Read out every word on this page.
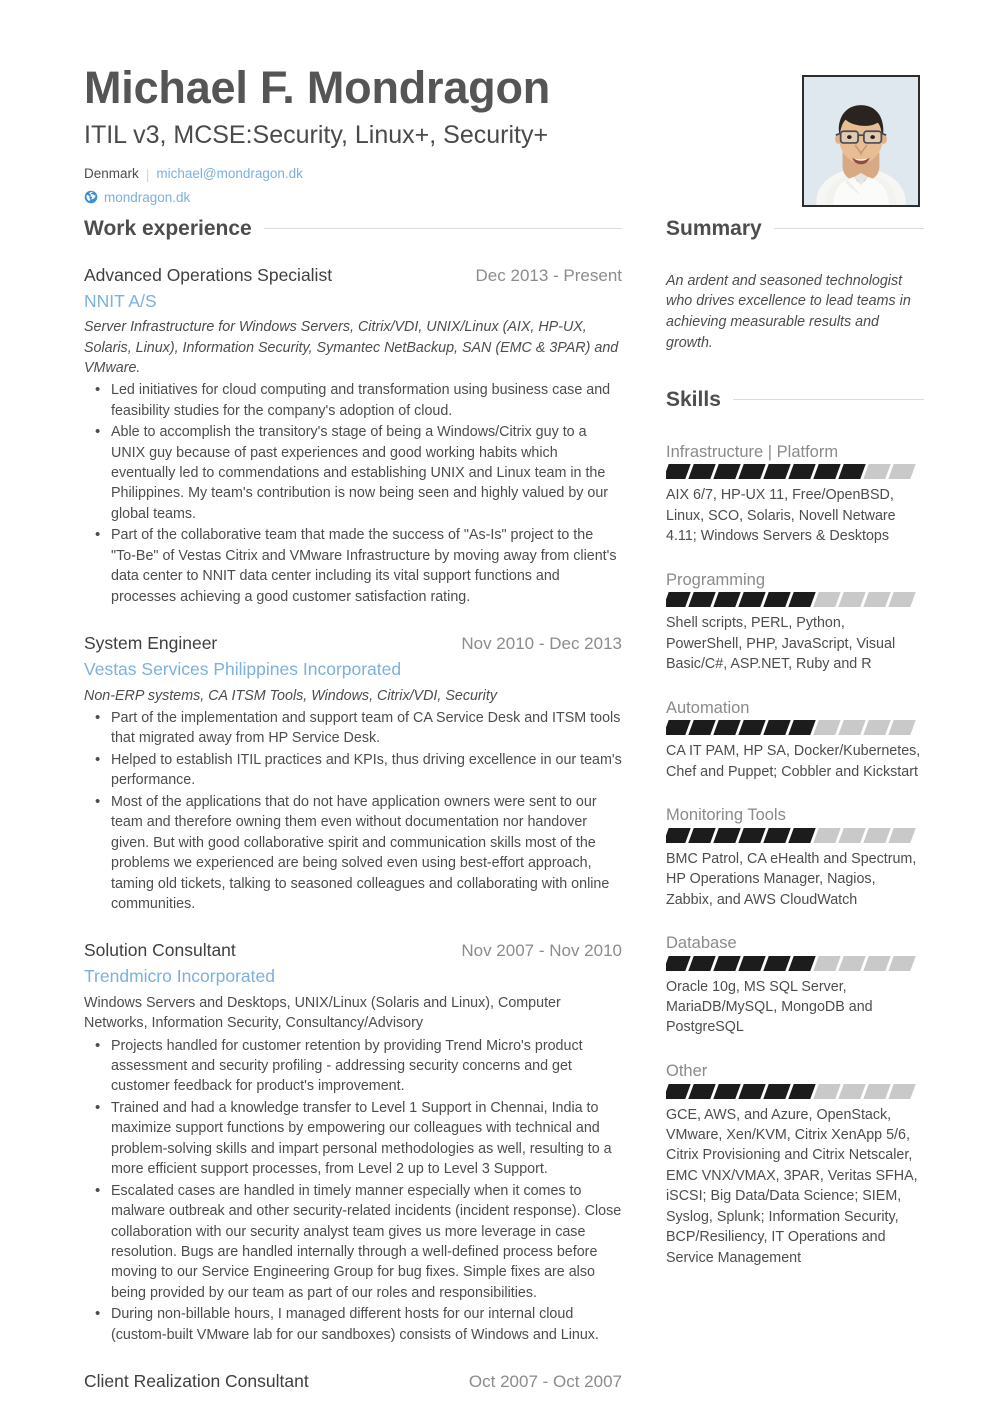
Michael F. Mondragon
ITIL v3, MCSE:Security, Linux+, Security+
Denmark | michael@mondragon.dk
mondragon.dk
Work experience
Advanced Operations Specialist	Dec 2013 - Present
NNIT A/S
Server Infrastructure for Windows Servers, Citrix/VDI, UNIX/Linux (AIX, HP-UX, Solaris, Linux), Information Security, Symantec NetBackup, SAN (EMC & 3PAR) and VMware.
• Led initiatives for cloud computing and transformation using business case and feasibility studies for the company's adoption of cloud.
• Able to accomplish the transitory's stage of being a Windows/Citrix guy to a UNIX guy because of past experiences and good working habits which eventually led to commendations and establishing UNIX and Linux team in the Philippines. My team's contribution is now being seen and highly valued by our global teams.
• Part of the collaborative team that made the success of "As-Is" project to the "To-Be" of Vestas Citrix and VMware Infrastructure by moving away from client's data center to NNIT data center including its vital support functions and processes achieving a good customer satisfaction rating.
System Engineer	Nov 2010 - Dec 2013
Vestas Services Philippines Incorporated
Non-ERP systems, CA ITSM Tools, Windows, Citrix/VDI, Security
• Part of the implementation and support team of CA Service Desk and ITSM tools that migrated away from HP Service Desk.
• Helped to establish ITIL practices and KPIs, thus driving excellence in our team's performance.
• Most of the applications that do not have application owners were sent to our team and therefore owning them even without documentation nor handover given. But with good collaborative spirit and communication skills most of the problems we experienced are being solved even using best-effort approach, taming old tickets, talking to seasoned colleagues and collaborating with online communities.
Solution Consultant	Nov 2007 - Nov 2010
Trendmicro Incorporated
Windows Servers and Desktops, UNIX/Linux (Solaris and Linux), Computer Networks, Information Security, Consultancy/Advisory
• Projects handled for customer retention by providing Trend Micro's product assessment and security profiling - addressing security concerns and get customer feedback for product's improvement.
• Trained and had a knowledge transfer to Level 1 Support in Chennai, India to maximize support functions by empowering our colleagues with technical and problem-solving skills and impart personal methodologies as well, resulting to a more efficient support processes, from Level 2 up to Level 3 Support.
• Escalated cases are handled in timely manner especially when it comes to malware outbreak and other security-related incidents (incident response). Close collaboration with our security analyst team gives us more leverage in case resolution. Bugs are handled internally through a well-defined process before moving to our Service Engineering Group for bug fixes. Simple fixes are also being provided by our team as part of our roles and responsibilities.
• During non-billable hours, I managed different hosts for our internal cloud (custom-built VMware lab for our sandboxes) consists of Windows and Linux.
Client Realization Consultant	Oct 2007 - Oct 2007
Summary
An ardent and seasoned technologist who drives excellence to lead teams in achieving measurable results and growth.
Skills
Infrastructure | Platform
AIX 6/7, HP-UX 11, Free/OpenBSD, Linux, SCO, Solaris, Novell Netware 4.11; Windows Servers & Desktops
Programming
Shell scripts, PERL, Python, PowerShell, PHP, JavaScript, Visual Basic/C#, ASP.NET, Ruby and R
Automation
CA IT PAM, HP SA, Docker/Kubernetes, Chef and Puppet; Cobbler and Kickstart
Monitoring Tools
BMC Patrol, CA eHealth and Spectrum, HP Operations Manager, Nagios, Zabbix, and AWS CloudWatch
Database
Oracle 10g, MS SQL Server, MariaDB/MySQL, MongoDB and PostgreSQL
Other
GCE, AWS, and Azure, OpenStack, VMware, Xen/KVM, Citrix XenApp 5/6, Citrix Provisioning and Citrix Netscaler, EMC VNX/VMAX, 3PAR, Veritas SFHA, iSCSI; Big Data/Data Science; SIEM, Syslog, Splunk; Information Security, BCP/Resiliency, IT Operations and Service Management
